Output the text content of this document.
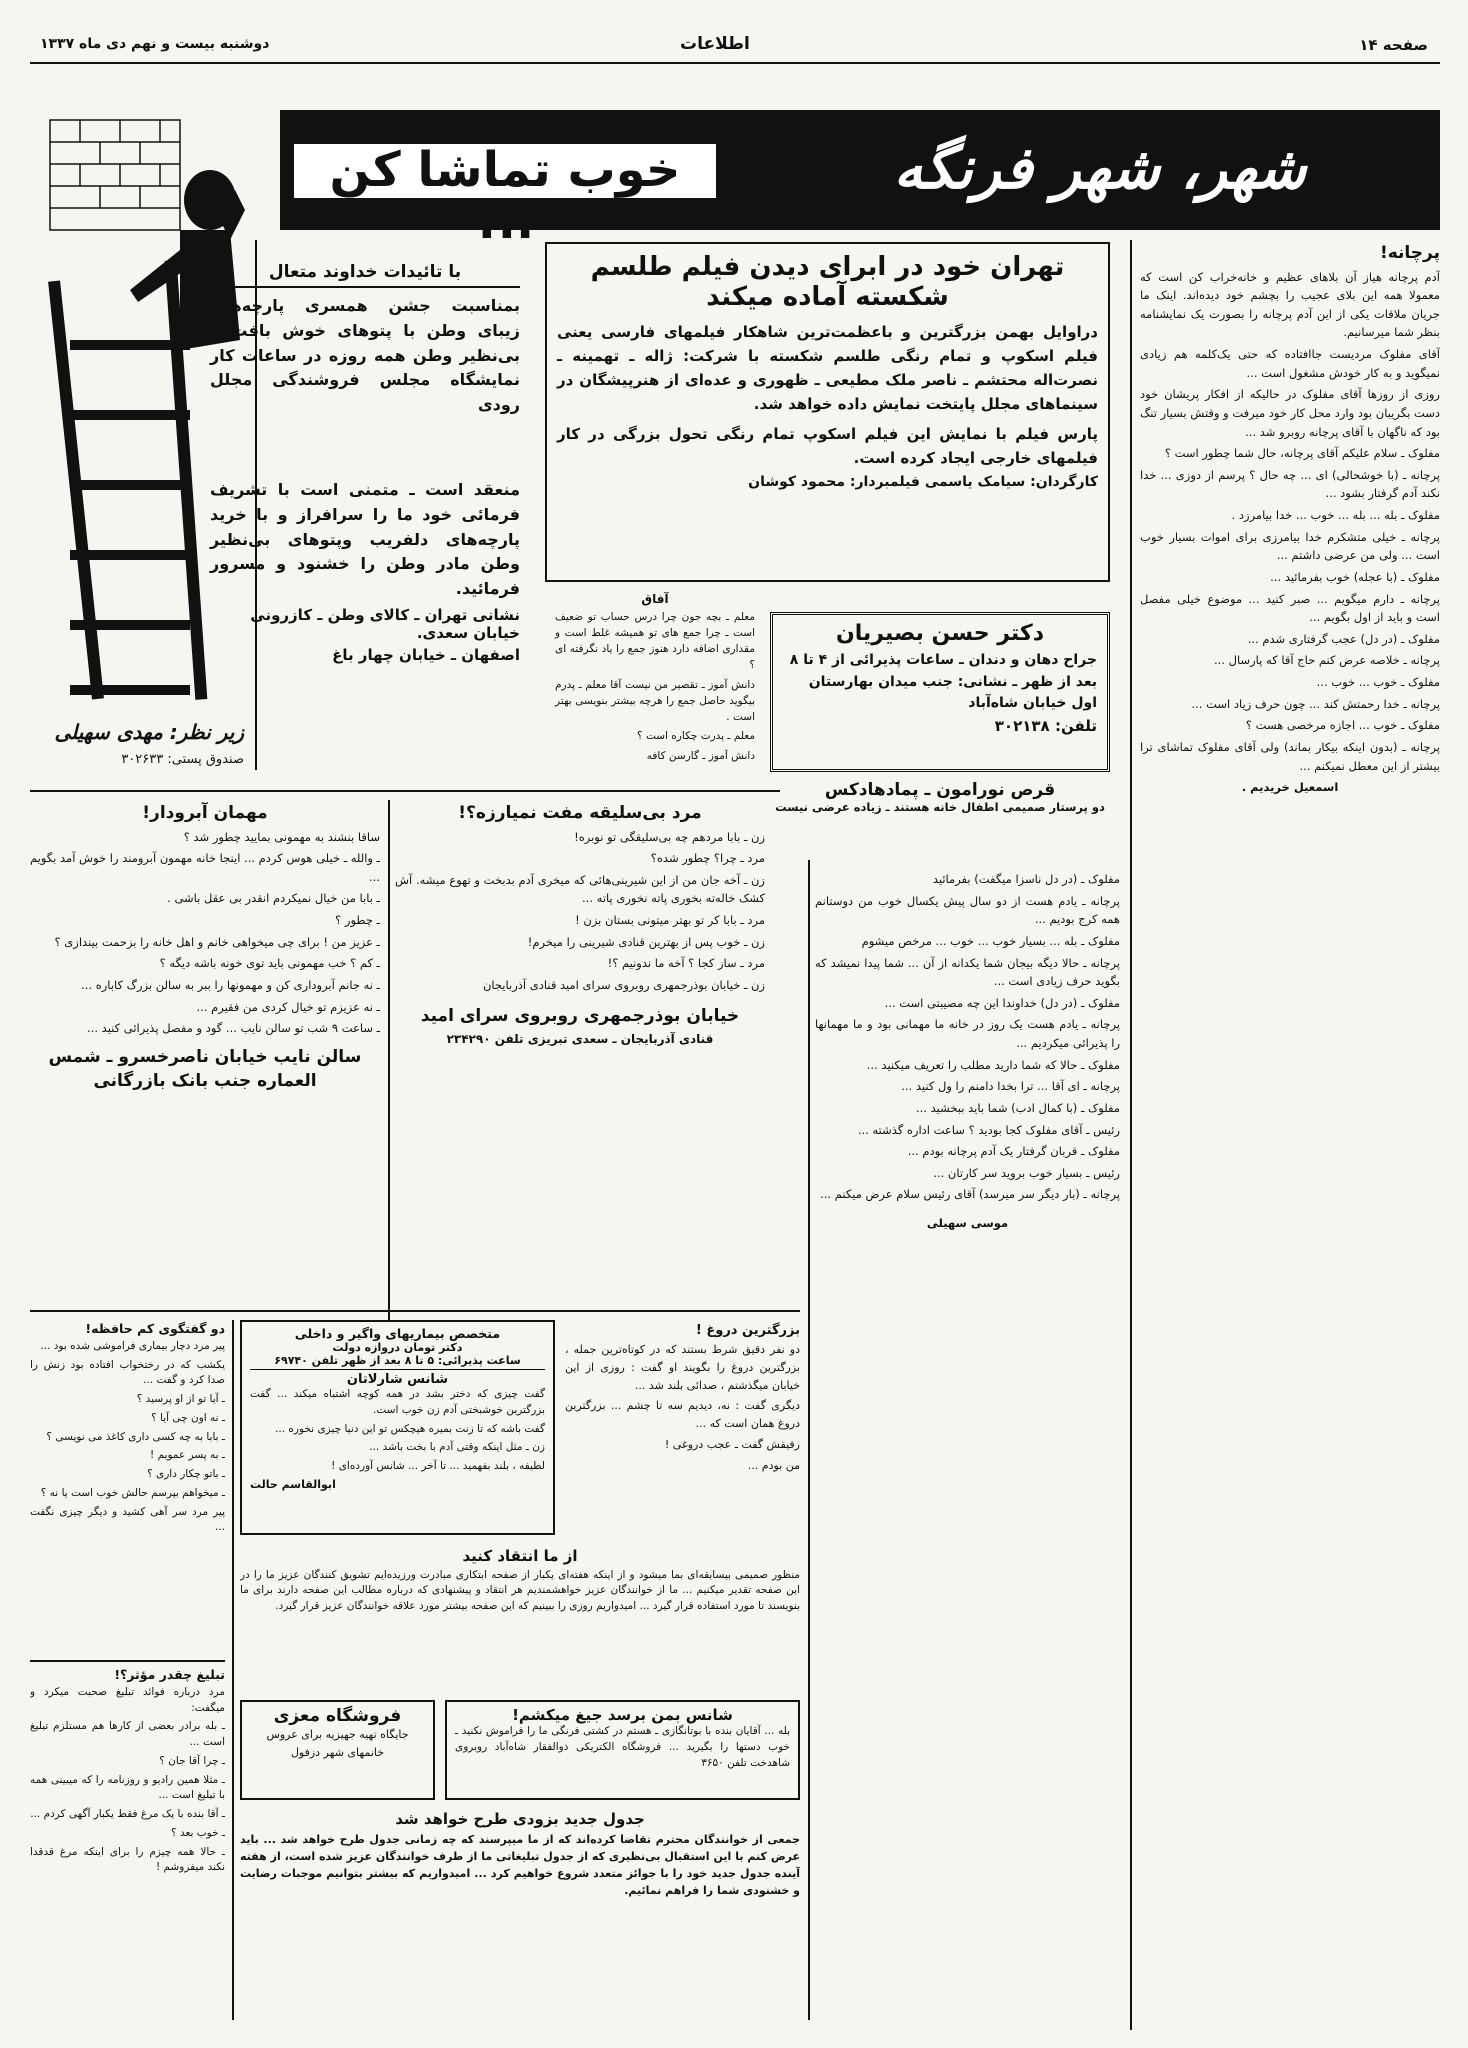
صفحه ۱۴
اطلاعات
دوشنبه بیست و نهم دی ماه ۱۳۳۷
خوب تماشا کن ..!
شهر، شهر فرنگه
زیر نظر: مهدی سهیلی
صندوق پستی: ۳۰۲۶۳۳
با تائیدات خداوند متعال
بمناسبت جشن همسری پارچه‌های زیبای وطن با پتوهای خوش بافت و بی‌نظیر وطن همه روزه در ساعات کار نمایشگاه مجلس فروشندگی مجلل رودی
منعقد است ـ متمنی است با تشریف فرمائی خود ما را سرافراز و با خرید پارچه‌های دلفریب وپتوهای بی‌نظیر وطن مادر وطن را خشنود و مسرور فرمائید.
نشانی تهران ـ کالای وطن ـ کازرونی خیابان سعدی.
اصفهان ـ خیابان چهار باغ
تهران خود در ابرای دیدن فیلم طلسم
شکسته آماده میکند
دراوایل بهمن بزرگترین و باعظمت‌ترین شاهکار فیلمهای فارسی یعنی فیلم اسکوپ و تمام رنگی طلسم شکسته با شرکت: ژاله ـ تهمینه ـ نصرت‌اله محتشم ـ ناصر ملک مطیعی ـ ظهوری و عده‌ای از هنرپیشگان در سینماهای مجلل پایتخت نمایش داده خواهد شد.
پارس فیلم با نمایش این فیلم اسکوپ تمام رنگی تحول بزرگی در کار فیلمهای خارجی ایجاد کرده است.
کارگردان: سیامک یاسمی فیلمبردار: محمود کوشان
آفاق

معلم ـ بچه جون چرا درس حساب تو ضعیف است ـ چرا جمع های تو همیشه غلط است و مقداری اضافه دارد هنوز جمع را یاد نگرفته ای ؟

دانش آموز ـ تقصیر من نیست آقا معلم ـ پدرم بیگوید حاصل جمع را هرچه بیشتر بنویسی بهتر است .

معلم ـ پدرت چکاره است ؟

دانش آموز ـ گارسن کافه

دکتر حسن بصیریان
جراح دهان و دندان ـ ساعات پذیرائی از ۴ تا ۸ بعد از ظهر ـ نشانی: جنب میدان بهارستان اول خیابان شاه‌آباد
تلفن: ۳۰۲۱۳۸
قرص نورامون ـ پمادهادکس
دو پرستار صمیمی اطفال خانه هستند ـ زیاده عرضی نیست
پرچانه!

آدم پرچانه هیاز آن بلاهای عظیم و خانه‌خراب کن است که معمولا همه این بلای عجیب را بچشم خود دیده‌اند. اینک ما جریان ملاقات یکی از این آدم پرچانه را بصورت یک نمایشنامه بنظر شما میرسانیم.

آقای مفلوک مردیست جاافتاده که حتی یک‌کلمه هم زیادی نمیگوید و به کار خودش مشغول است ...

روزی از روزها آقای مفلوک در حالیکه از افکار پریشان خود دست بگریبان بود وارد محل کار خود میرفت و وقتش بسیار تنگ بود که ناگهان با آقای پرچانه روبرو شد ...

مفلوک ـ سلام علیکم آقای پرچانه، حال شما چطور است ؟

پرچانه ـ (با خوشحالی) ای ... چه حال ؟ پرسم از دوزی ... خدا نکند آدم گرفتار بشود ...

مفلوک ـ بله ... بله ... خوب ... خدا بیامرزد .

پرچانه ـ خیلی متشکرم خدا بیامرزی برای اموات بسیار خوب است ... ولی من عرضی داشتم ...

مفلوک ـ (با عجله) خوب بفرمائید ...

پرچانه ـ دارم میگویم ... صبر کنید ... موضوع خیلی مفصل است و باید از اول بگویم ...

مفلوک ـ (در دل) عجب گرفتاری شدم ...

پرچانه ـ خلاصه عرض کنم حاج آقا که پارسال ...

مفلوک ـ خوب ... خوب ...

پرچانه ـ خدا رحمتش کند ... چون حرف زیاد است ...

مفلوک ـ خوب ... اجازه مرخصی هست ؟

پرچانه ـ (بدون اینکه بیکار بماند) ولی آقای مفلوک تماشای ترا بیشتر از این معطل نمیکنم ...

اسمعیل خریدیم .

مفلوک ـ (در دل ناسزا میگفت) بفرمائید

پرچانه ـ یادم هست از دو سال پیش یکسال خوب من دوستانم همه کرج بودیم ...

مفلوک ـ بله ... بسیار خوب ... خوب ... مرخص میشوم

پرچانه ـ حالا دیگه بیجان شما یکدانه از آن ... شما پیدا نمیشد که بگوید حرف زیادی است ...

مفلوک ـ (در دل) خداوندا این چه مصیبتی است ...

پرچانه ـ یادم هست یک روز در خانه ما مهمانی بود و ما مهمانها را پذیرائی میکردیم ...

مفلوک ـ حالا که شما دارید مطلب را تعریف میکنید ...

پرچانه ـ ای آقا ... ترا بخدا دامنم را ول کنید ...

مفلوک ـ (با کمال ادب) شما باید ببخشید ...

رئیس ـ آقای مفلوک کجا بودید ؟ ساعت اداره گذشته ...

مفلوک ـ قربان گرفتار یک آدم پرچانه بودم ...

رئیس ـ بسیار خوب بروید سر کارتان ...

پرچانه ـ (بار دیگر سر میرسد) آقای رئیس سلام عرض میکنم ...

موسی سهیلی

مرد بی‌سلیقه مفت نمیارزه؟!

زن ـ بابا مردهم چه بی‌سلیقگی تو نوبره!

مرد ـ چرا؟ چطور شده؟

زن ـ آخه جان من از این شیرینی‌هائی که میخری آدم بدبخت و تهوع میشه. آش کشک خاله‌ته بخوری پاته نخوری پاته ...

مرد ـ بابا کر تو بهتر میتونی بستان بزن !

زن ـ خوب پس از بهترین قنادی شیرینی را میخرم!

مرد ـ ساز کجا ؟ آخه ما ندونیم ؟!

زن ـ خیابان بوذرجمهری روبروی سرای امید قنادی آذربایجان

خیابان بوذرجمهری روبروی سرای امید
قنادی آذربایجان ـ سعدی تبریزی تلفن ۲۳۴۲۹۰
مهمان آبرودار!

ساقا بنشند به مهمونی بمایید چطور شد ؟

ـ والله ـ خیلی هوس کردم ... اینجا خانه مهمون آبرومند را خوش آمد بگویم ...

ـ بابا من خیال نمیکردم انقدر بی عقل باشی .

ـ چطور ؟

ـ عزیز من ! برای چی میخواهی خانم و اهل خانه را بزحمت بیندازی ؟

ـ کم ؟ خب مهمونی باید توی خونه باشه دیگه ؟

ـ نه جانم آبروداری کن و مهمونها را ببر به سالن بزرگ کاباره ...

ـ نه عزیزم تو خیال کردی من فقیرم ...

ـ ساعت ۹ شب تو سالن نایب ... گود و مفصل پذیرائی کنید ...

سالن نایب خیابان ناصرخسرو ـ شمس العماره جنب بانک بازرگانی
بزرگترین دروغ !

دو نفر دقیق شرط بستند که در کوتاه‌ترین جمله ، بزرگترین دروغ را بگویند او گفت : روزی از این خیابان میگذشتم ، صدائی بلند شد ...

دیگری گفت : نه، دیدیم سه تا چشم ... بزرگترین دروغ همان است که ...

رفیقش گفت ـ عجب دروغی !

من بودم ...

متخصص بیماریهای واگیر و داخلی
دکتر تومان دروازه دولت
ساعت پذیرائی: ۵ تا ۸ بعد از ظهر تلفن ۶۹۷۴۰
شانس شارلاتان

گفت چیزی که دختر بشد در همه کوچه اشتباه میکند ... گفت بزرگترین خوشبختی آدم زن خوب است.

گفت باشه که تا زنت بمیره هیچکس تو این دنیا چیزی نخوره ...

زن ـ مثل اینکه وقتی آدم با بخت باشد ...

لطیفه ، بلند بفهمید ... تا آخر ... شانس آورده‌ای !

ابوالقاسم حالت
دو گفتگوی کم حافظه!

پیر مرد دچار بیماری فراموشی شده بود ...

یکشب که در رختخواب افتاده بود زنش را صدا کرد و گفت ...

ـ آیا تو از او پرسید ؟

ـ نه اون چی آیا ؟

ـ بابا به چه کسی داری کاغذ می نویسی ؟

ـ به پسر عمویم !

ـ باتو چکار داری ؟

ـ میخواهم بپرسم حالش خوب است یا نه ؟

پیر مرد سر آهی کشید و دیگر چیزی نگفت ...

از ما انتقاد کنید

منظور صمیمی بیسابقه‌ای بما میشود و از اینکه هفته‌ای یکبار از صفحه ابتکاری مبادرت ورزیده‌ایم تشویق کنندگان عزیز ما را در این صفحه تقدیر میکنیم ... ما از خوانندگان عزیز خواهشمندیم هر انتقاد و پیشنهادی که درباره مطالب این صفحه دارند برای ما بنویسند تا مورد استفاده قرار گیرد ... امیدواریم روزی را ببینیم که این صفحه بیشتر مورد علاقه خوانندگان عزیز قرار گیرد.

شانس بمن برسد جیغ میکشم!
بله ... آقایان بنده با بوتانگازی ـ هستم در کشتی فرنگی ما را فراموش نکنید ـ خوب دستها را بگیرید ... فروشگاه الکتریکی ذوالفقار شاه‌آباد روبروی شاهدخت تلفن ۳۶۵۰
فروشگاه معزی
جایگاه تهیه جهیزیه برای عروس خانمهای شهر دزفول
جدول جدید بزودی طرح خواهد شد

جمعی از خوانندگان محترم تقاضا کرده‌اند که از ما میپرسند که چه زمانی جدول طرح خواهد شد ... باید عرض کنم با این استقبال بی‌نظیری که از جدول تبلیغاتی ما از طرف خوانندگان عزیز شده است، از هفته آینده جدول جدید خود را با جوائز متعدد شروع خواهیم کرد ... امیدواریم که بیشتر بتوانیم موجبات رضایت و خشنودی شما را فراهم نمائیم.

تبلیغ چقدر مؤثر؟!

مرد درباره فوائد تبلیغ صحبت میکرد و میگفت:

ـ بله برادر بعضی از کارها هم مستلزم تبلیغ است ...

ـ چرا آقا جان ؟

ـ مثلا همین رادیو و روزنامه را که میبینی همه با تبلیغ است ...

ـ آقا بنده با یک مرغ فقط یکبار آگهی کردم ...

ـ خوب بعد ؟

ـ حالا همه چیزم را برای اینکه مرغ قدقدا نکند میفروشم !
